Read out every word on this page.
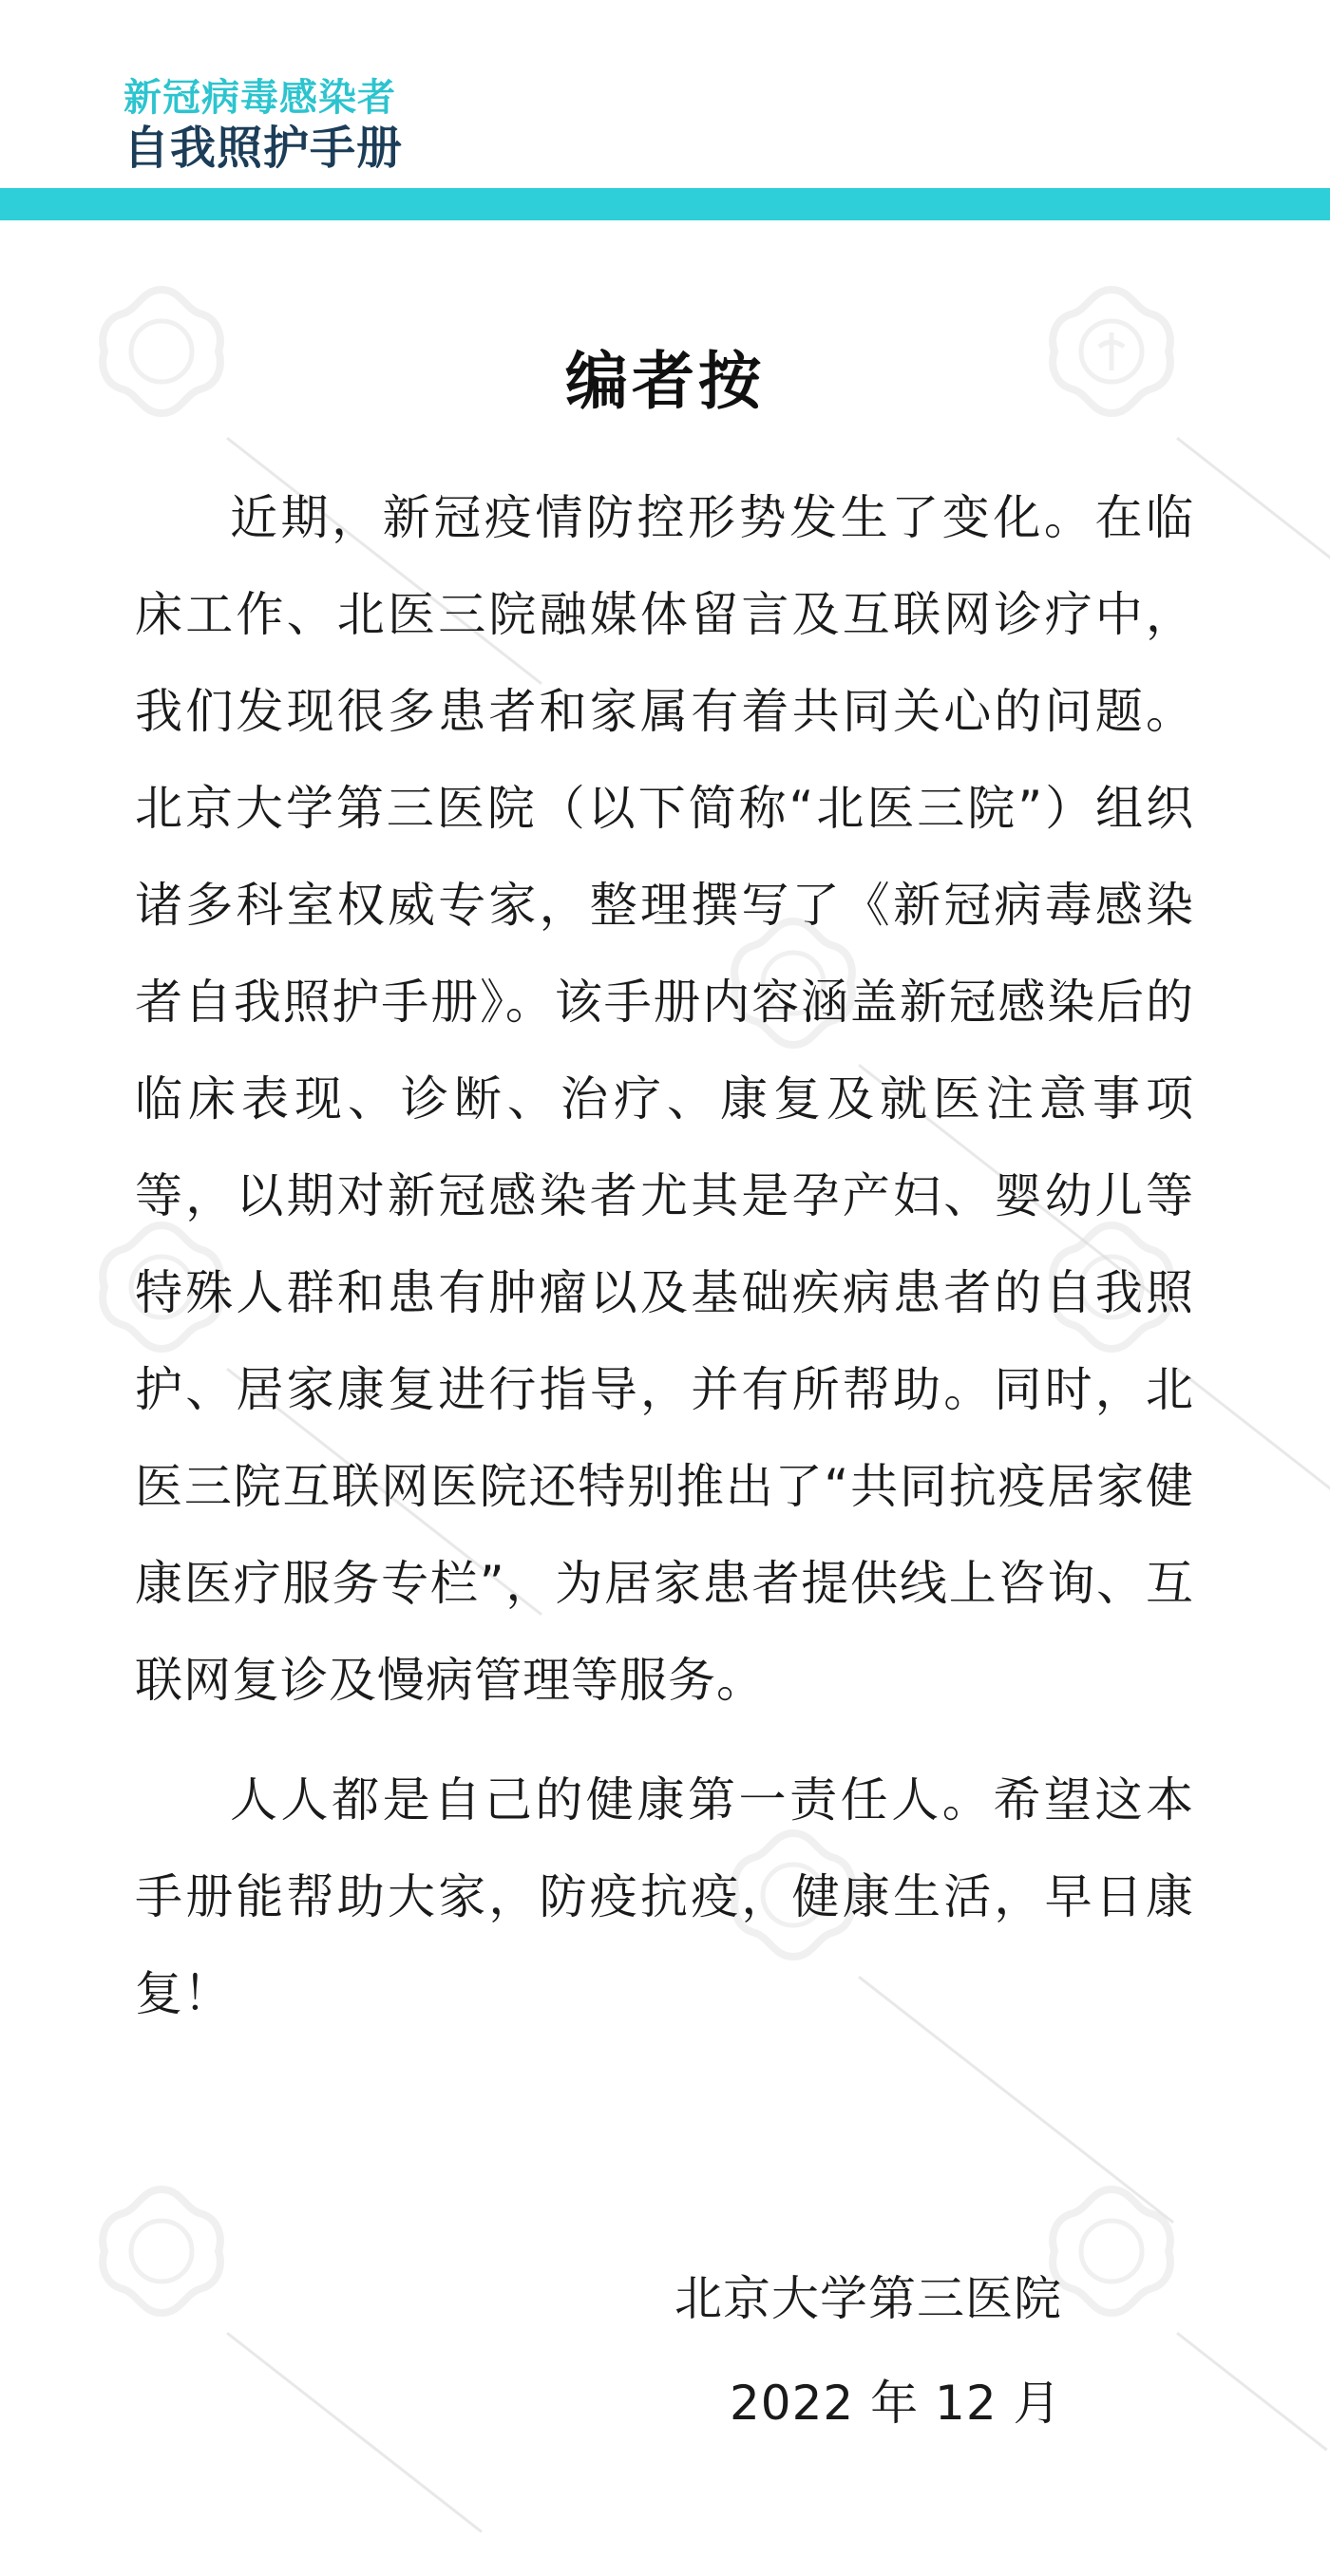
新冠病毒感染者
自我照护手册
编者按

近期，新冠疫情防控形势发生了变化。在临床工作、北医三院融媒体留言及互联网诊疗中，我们发现很多患者和家属有着共同关心的问题。北京大学第三医院（以下简称“北医三院”）组织诸多科室权威专家，整理撰写了《新冠病毒感染者自我照护手册》。该手册内容涵盖新冠感染后的临床表现、诊断、治疗、康复及就医注意事项等，以期对新冠感染者尤其是孕产妇、婴幼儿等特殊人群和患有肿瘤以及基础疾病患者的自我照护、居家康复进行指导，并有所帮助。同时，北医三院互联网医院还特别推出了“共同抗疫居家健康医疗服务专栏”，为居家患者提供线上咨询、互联网复诊及慢病管理等服务。

人人都是自己的健康第一责任人。希望这本手册能帮助大家，防疫抗疫，健康生活，早日康复！

北京大学第三医院
2022 年 12 月
